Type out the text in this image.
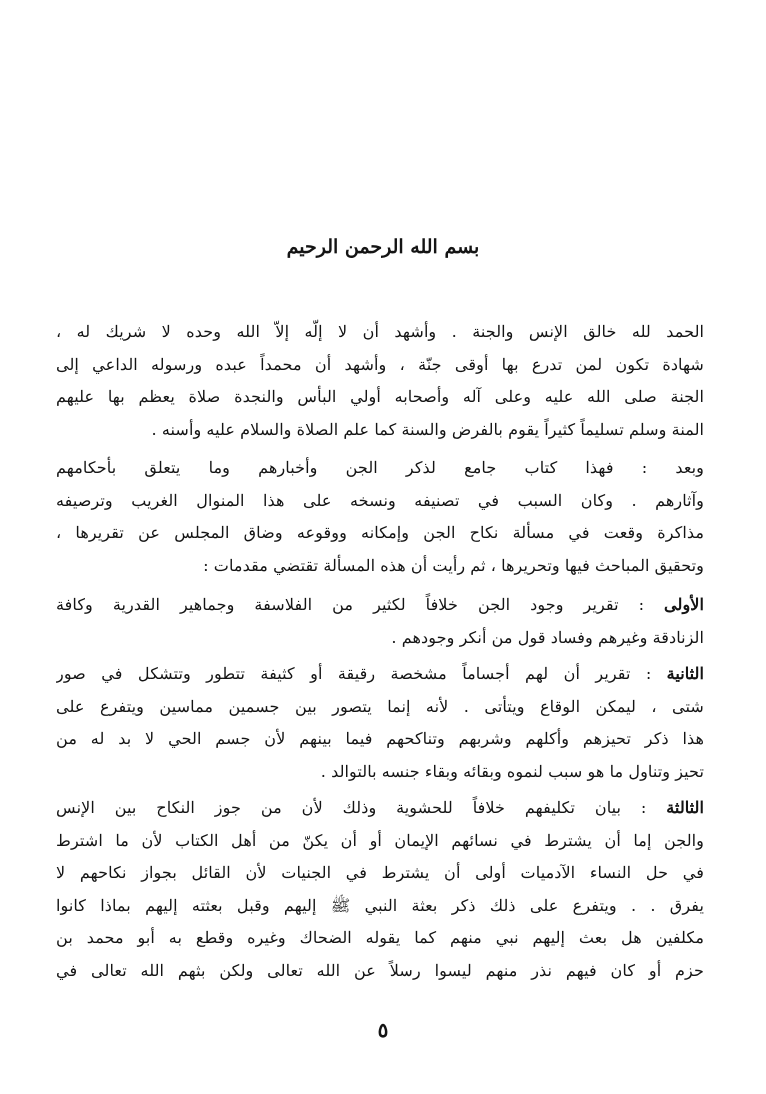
بسم الله الرحمن الرحيم
الحمد لله خالق الإنس والجنة . وأشهد أن لا إلّه إلاّ الله وحده لا شريك له ،
شهادة تكون لمن تدرع بها أوقى جنّة ، وأشهد أن محمداً عبده ورسوله الداعي إلى
الجنة صلى الله عليه وعلى آله وأصحابه أولي البأس والنجدة صلاة يعظم بها عليهم
المنة وسلم تسليماً كثيراً يقوم بالفرض والسنة كما علم الصلاة والسلام عليه وأسنه .
وبعد : فهذا كتاب جامع لذكر الجن وأخبارهم وما يتعلق بأحكامهم
وآثارهم . وكان السبب في تصنيفه ونسخه على هذا المنوال الغريب وترصيفه
مذاكرة وقعت في مسألة نكاح الجن وإمكانه ووقوعه وضاق المجلس عن تقريرها ،
وتحقيق المباحث فيها وتحريرها ، ثم رأيت أن هذه المسألة تقتضي مقدمات :
الأولى : تقرير وجود الجن خلافاً لكثير من الفلاسفة وجماهير القدرية وكافة
الزنادقة وغيرهم وفساد قول من أنكر وجودهم .
الثانية : تقرير أن لهم أجساماً مشخصة رقيقة أو كثيفة تتطور وتتشكل في صور
شتى ، ليمكن الوقاع ويتأتى . لأنه إنما يتصور بين جسمين مماسين ويتفرع على
هذا ذكر تحيزهم وأكلهم وشربهم وتناكحهم فيما بينهم لأن جسم الحي لا بد له من
تحيز وتناول ما هو سبب لنموه وبقائه وبقاء جنسه بالتوالد .
الثالثة : بيان تكليفهم خلافاً للحشوية وذلك لأن من جوز النكاح بين الإنس
والجن إما أن يشترط في نسائهم الإيمان أو أن يكنّ من أهل الكتاب لأن ما اشترط
في حل النساء الآدميات أولى أن يشترط في الجنيات لأن القائل بجواز نكاحهم لا
يفرق . . ويتفرع على ذلك ذكر بعثة النبي ﷺ إليهم وقبل بعثته إليهم بماذا كانوا
مكلفين هل بعث إليهم نبي منهم كما يقوله الضحاك وغيره وقطع به أبو محمد بن
حزم أو كان فيهم نذر منهم ليسوا رسلاً عن الله تعالى ولكن بثهم الله تعالى في
٥
